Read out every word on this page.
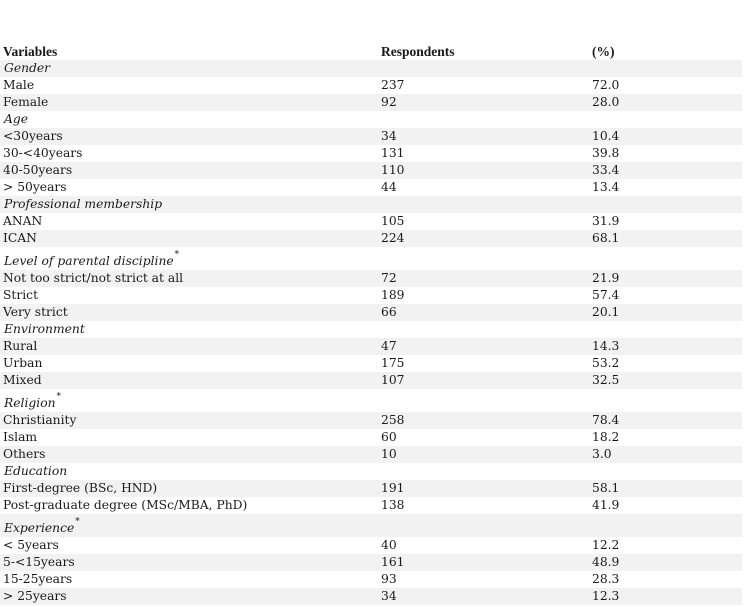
Variables	Respondents	(%)
Gender
Male	237	72.0
Female	92	28.0
Age
<30years	34	10.4
30-<40years	131	39.8
40-50years	110	33.4
> 50years	44	13.4
Professional membership
ANAN	105	31.9
ICAN	224	68.1
Level of parental discipline*
Not too strict/not strict at all	72	21.9
Strict	189	57.4
Very strict	66	20.1
Environment
Rural	47	14.3
Urban	175	53.2
Mixed	107	32.5
Religion*
Christianity	258	78.4
Islam	60	18.2
Others	10	3.0
Education
First-degree (BSc, HND)	191	58.1
Post-graduate degree (MSc/MBA, PhD)	138	41.9
Experience*
< 5years	40	12.2
5-<15years	161	48.9
15-25years	93	28.3
> 25years	34	12.3
